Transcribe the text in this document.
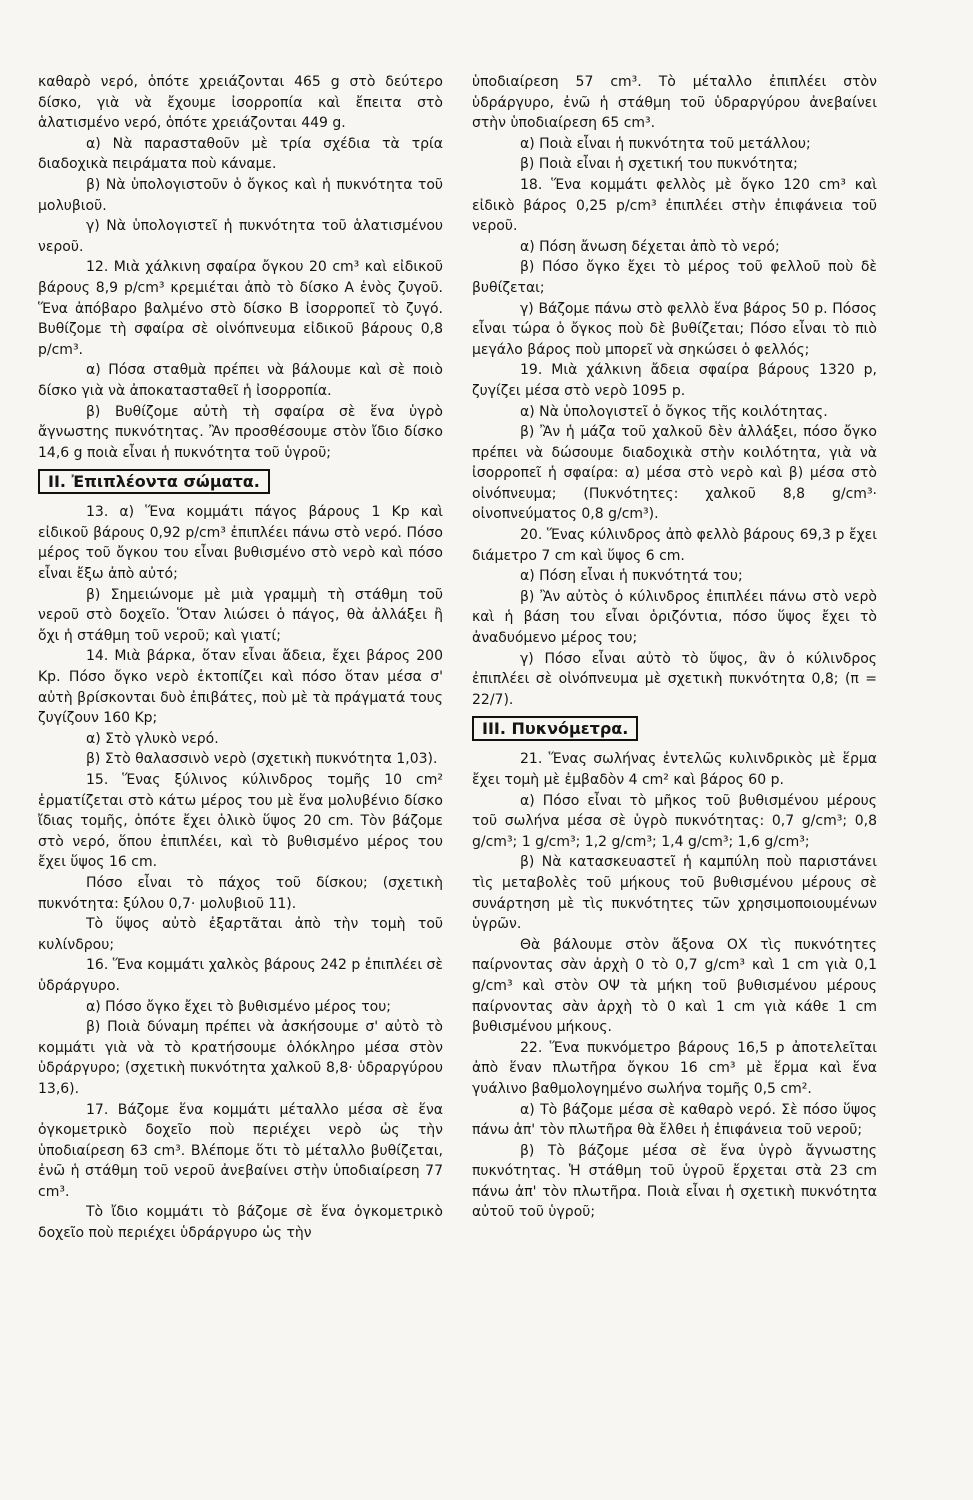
καθαρὸ νερό, ὁπότε χρειάζονται 465 g στὸ δεύτερο δίσκο, γιὰ νὰ ἔχουμε ἰσορροπία καὶ ἔπειτα στὸ ἁλατισμένο νερό, ὁπότε χρειάζονται 449 g.

α) Νὰ παρασταθοῦν μὲ τρία σχέδια τὰ τρία διαδοχικὰ πειράματα ποὺ κάναμε.

β) Νὰ ὑπολογιστοῦν ὁ ὄγκος καὶ ἡ πυκνότητα τοῦ μολυβιοῦ.

γ) Νὰ ὑπολογιστεῖ ἡ πυκνότητα τοῦ ἁλατισμένου νεροῦ.

12. Μιὰ χάλκινη σφαίρα ὄγκου 20 cm³ καὶ εἰδικοῦ βάρους 8,9 p/cm³ κρεμιέται ἀπὸ τὸ δίσκο Α ἑνὸς ζυγοῦ. Ἕνα ἀπόβαρο βαλμένο στὸ δίσκο Β ἰσορροπεῖ τὸ ζυγό. Βυθίζομε τὴ σφαίρα σὲ οἰνόπνευμα εἰδικοῦ βάρους 0,8 p/cm³.

α) Πόσα σταθμὰ πρέπει νὰ βάλουμε καὶ σὲ ποιὸ δίσκο γιὰ νὰ ἀποκατασταθεῖ ἡ ἰσορροπία.

β) Βυθίζομε αὐτὴ τὴ σφαίρα σὲ ἕνα ὑγρὸ ἄγνωστης πυκνότητας. Ἂν προσθέσουμε στὸν ἴδιο δίσκο 14,6 g ποιὰ εἶναι ἡ πυκνότητα τοῦ ὑγροῦ;

II. Ἐπιπλέοντα σώματα.

13. α) Ἕνα κομμάτι πάγος βάρους 1 Kp καὶ εἰδικοῦ βάρους 0,92 p/cm³ ἐπιπλέει πάνω στὸ νερό. Πόσο μέρος τοῦ ὄγκου του εἶναι βυθισμένο στὸ νερὸ καὶ πόσο εἶναι ἔξω ἀπὸ αὐτό;

β) Σημειώνομε μὲ μιὰ γραμμὴ τὴ στάθμη τοῦ νεροῦ στὸ δοχεῖο. Ὅταν λιώσει ὁ πάγος, θὰ ἀλλάξει ἢ ὄχι ἡ στάθμη τοῦ νεροῦ; καὶ γιατί;

14. Μιὰ βάρκα, ὅταν εἶναι ἄδεια, ἔχει βάρος 200 Kp. Πόσο ὄγκο νερὸ ἐκτοπίζει καὶ πόσο ὅταν μέσα σ' αὐτὴ βρίσκονται δυὸ ἐπιβάτες, ποὺ μὲ τὰ πράγματά τους ζυγίζουν 160 Kp;

α) Στὸ γλυκὸ νερό.

β) Στὸ θαλασσινὸ νερὸ (σχετικὴ πυκνότητα 1,03).

15. Ἕνας ξύλινος κύλινδρος τομῆς 10 cm² ἑρματίζεται στὸ κάτω μέρος του μὲ ἕνα μολυβένιο δίσκο ἴδιας τομῆς, ὁπότε ἔχει ὁλικὸ ὕψος 20 cm. Τὸν βάζομε στὸ νερό, ὅπου ἐπιπλέει, καὶ τὸ βυθισμένο μέρος του ἔχει ὕψος 16 cm.

Πόσο εἶναι τὸ πάχος τοῦ δίσκου; (σχετικὴ πυκνότητα: ξύλου 0,7· μολυβιοῦ 11).

Τὸ ὕψος αὐτὸ ἐξαρτᾶται ἀπὸ τὴν τομὴ τοῦ κυλίνδρου;

16. Ἕνα κομμάτι χαλκὸς βάρους 242 p ἐπιπλέει σὲ ὑδράργυρο.

α) Πόσο ὄγκο ἔχει τὸ βυθισμένο μέρος του;

β) Ποιὰ δύναμη πρέπει νὰ ἀσκήσουμε σ' αὐτὸ τὸ κομμάτι γιὰ νὰ τὸ κρατήσουμε ὁλόκληρο μέσα στὸν ὑδράργυρο; (σχετικὴ πυκνότητα χαλκοῦ 8,8· ὑδραργύρου 13,6).

17. Βάζομε ἕνα κομμάτι μέταλλο μέσα σὲ ἕνα ὀγκομετρικὸ δοχεῖο ποὺ περιέχει νερὸ ὡς τὴν ὑποδιαίρεση 63 cm³. Βλέπομε ὅτι τὸ μέταλλο βυθίζεται, ἐνῶ ἡ στάθμη τοῦ νεροῦ ἀνεβαίνει στὴν ὑποδιαίρεση 77 cm³.

Τὸ ἴδιο κομμάτι τὸ βάζομε σὲ ἕνα ὀγκομετρικὸ δοχεῖο ποὺ περιέχει ὑδράργυρο ὡς τὴν

ὑποδιαίρεση 57 cm³. Τὸ μέταλλο ἐπιπλέει στὸν ὑδράργυρο, ἐνῶ ἡ στάθμη τοῦ ὑδραργύρου ἀνεβαίνει στὴν ὑποδιαίρεση 65 cm³.

α) Ποιὰ εἶναι ἡ πυκνότητα τοῦ μετάλλου;

β) Ποιὰ εἶναι ἡ σχετική του πυκνότητα;

18. Ἕνα κομμάτι φελλὸς μὲ ὄγκο 120 cm³ καὶ εἰδικὸ βάρος 0,25 p/cm³ ἐπιπλέει στὴν ἐπιφάνεια τοῦ νεροῦ.

α) Πόση ἄνωση δέχεται ἀπὸ τὸ νερό;

β) Πόσο ὄγκο ἔχει τὸ μέρος τοῦ φελλοῦ ποὺ δὲ βυθίζεται;

γ) Βάζομε πάνω στὸ φελλὸ ἕνα βάρος 50 p. Πόσος εἶναι τώρα ὁ ὄγκος ποὺ δὲ βυθίζεται; Πόσο εἶναι τὸ πιὸ μεγάλο βάρος ποὺ μπορεῖ νὰ σηκώσει ὁ φελλός;

19. Μιὰ χάλκινη ἄδεια σφαίρα βάρους 1320 p, ζυγίζει μέσα στὸ νερὸ 1095 p.

α) Νὰ ὑπολογιστεῖ ὁ ὄγκος τῆς κοιλότητας.

β) Ἂν ἡ μάζα τοῦ χαλκοῦ δὲν ἀλλάξει, πόσο ὄγκο πρέπει νὰ δώσουμε διαδοχικὰ στὴν κοιλότητα, γιὰ νὰ ἰσορροπεῖ ἡ σφαίρα: α) μέσα στὸ νερὸ καὶ β) μέσα στὸ οἰνόπνευμα; (Πυκνότητες: χαλκοῦ 8,8 g/cm³· οἰνοπνεύματος 0,8 g/cm³).

20. Ἕνας κύλινδρος ἀπὸ φελλὸ βάρους 69,3 p ἔχει διάμετρο 7 cm καὶ ὕψος 6 cm.

α) Πόση εἶναι ἡ πυκνότητά του;

β) Ἂν αὐτὸς ὁ κύλινδρος ἐπιπλέει πάνω στὸ νερὸ καὶ ἡ βάση του εἶναι ὁριζόντια, πόσο ὕψος ἔχει τὸ ἀναδυόμενο μέρος του;

γ) Πόσο εἶναι αὐτὸ τὸ ὕψος, ἂν ὁ κύλινδρος ἐπιπλέει σὲ οἰνόπνευμα μὲ σχετικὴ πυκνότητα 0,8; (π = 22/7).

III. Πυκνόμετρα.

21. Ἕνας σωλήνας ἐντελῶς κυλινδρικὸς μὲ ἕρμα ἔχει τομὴ μὲ ἐμβαδὸν 4 cm² καὶ βάρος 60 p.

α) Πόσο εἶναι τὸ μῆκος τοῦ βυθισμένου μέρους τοῦ σωλήνα μέσα σὲ ὑγρὸ πυκνότητας: 0,7 g/cm³; 0,8 g/cm³; 1 g/cm³; 1,2 g/cm³; 1,4 g/cm³; 1,6 g/cm³;

β) Νὰ κατασκευαστεῖ ἡ καμπύλη ποὺ παριστάνει τὶς μεταβολὲς τοῦ μήκους τοῦ βυθισμένου μέρους σὲ συνάρτηση μὲ τὶς πυκνότητες τῶν χρησιμοποιουμένων ὑγρῶν.

Θὰ βάλουμε στὸν ἄξονα ΟΧ τὶς πυκνότητες παίρνοντας σὰν ἀρχὴ 0 τὸ 0,7 g/cm³ καὶ 1 cm γιὰ 0,1 g/cm³ καὶ στὸν ΟΨ τὰ μήκη τοῦ βυθισμένου μέρους παίρνοντας σὰν ἀρχὴ τὸ 0 καὶ 1 cm γιὰ κάθε 1 cm βυθισμένου μήκους.

22. Ἕνα πυκνόμετρο βάρους 16,5 p ἀποτελεῖται ἀπὸ ἕναν πλωτῆρα ὄγκου 16 cm³ μὲ ἕρμα καὶ ἕνα γυάλινο βαθμολογημένο σωλήνα τομῆς 0,5 cm².

α) Τὸ βάζομε μέσα σὲ καθαρὸ νερό. Σὲ πόσο ὕψος πάνω ἀπ' τὸν πλωτῆρα θὰ ἔλθει ἡ ἐπιφάνεια τοῦ νεροῦ;

β) Τὸ βάζομε μέσα σὲ ἕνα ὑγρὸ ἄγνωστης πυκνότητας. Ἡ στάθμη τοῦ ὑγροῦ ἔρχεται στὰ 23 cm πάνω ἀπ' τὸν πλωτῆρα. Ποιὰ εἶναι ἡ σχετικὴ πυκνότητα αὐτοῦ τοῦ ὑγροῦ;
